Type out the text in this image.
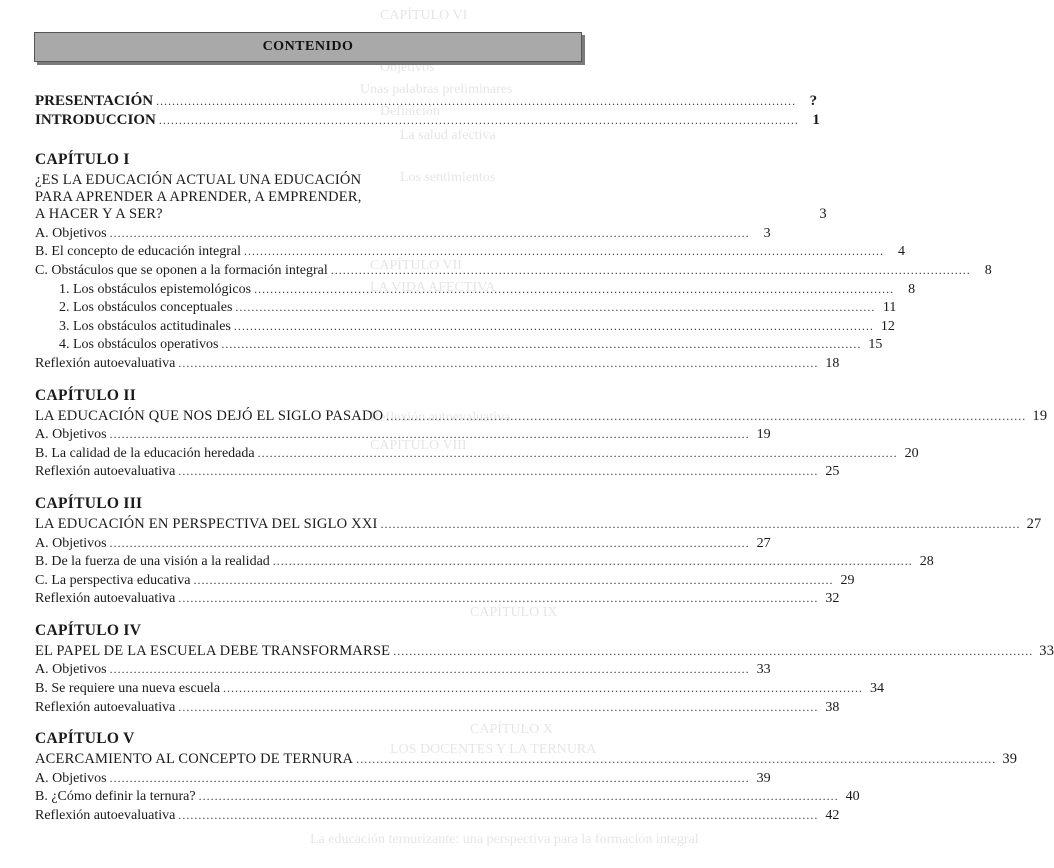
CAPÍTULO VI
Objetivos
Unas palabras preliminares
Definición
La salud afectiva
Los sentimientos
CAPÍTULO VII
LA VIDA AFECTIVA
Reflexión autoevaluativa
CAPÍTULO VIII
CAPÍTULO IX
CAPÍTULO X
LOS DOCENTES Y LA TERNURA
La educación ternurizante: una perspectiva para la formación integral
CONTENIDO
PRESENTACIÓN .....	?
INTRODUCCION .....	1
CAPÍTULO I
¿ES LA EDUCACIÓN ACTUAL UNA EDUCACIÓN
PARA APRENDER A APRENDER, A EMPRENDER,
A HACER Y A SER?	3
A. Objetivos .....	3
B. El concepto de educación integral .....	4
C. Obstáculos que se oponen a la formación integral .....	8
1. Los obstáculos epistemológicos .....	8
2. Los obstáculos conceptuales .....	11
3. Los obstáculos actitudinales .....	12
4. Los obstáculos operativos .....	15
Reflexión autoevaluativa .....	18
CAPÍTULO II
LA EDUCACIÓN QUE NOS DEJÓ EL SIGLO PASADO .....	19
A. Objetivos .....	19
B. La calidad de la educación heredada .....	20
Reflexión autoevaluativa .....	25
CAPÍTULO III
LA EDUCACIÓN EN PERSPECTIVA DEL SIGLO XXI .....	27
A. Objetivos .....	27
B. De la fuerza de una visión a la realidad .....	28
C. La perspectiva educativa .....	29
Reflexión autoevaluativa .....	32
CAPÍTULO IV
EL PAPEL DE LA ESCUELA DEBE TRANSFORMARSE .....	33
A. Objetivos .....	33
B. Se requiere una nueva escuela .....	34
Reflexión autoevaluativa .....	38
CAPÍTULO V
ACERCAMIENTO AL CONCEPTO DE TERNURA .....	39
A. Objetivos .....	39
B. ¿Cómo definir la ternura? .....	40
Reflexión autoevaluativa .....	42
